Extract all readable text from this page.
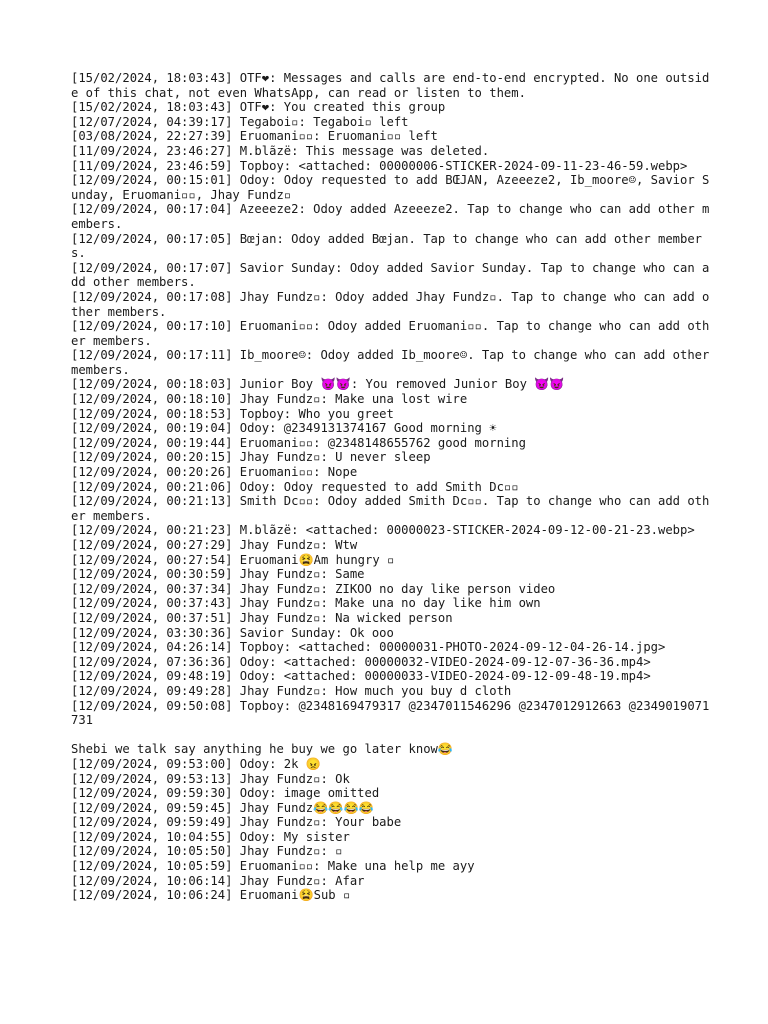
[15/02/2024, 18:03:43] OTF❤: Messages and calls are end-to-end encrypted. No one outside of this chat, not even WhatsApp, can read or listen to them.
[15/02/2024, 18:03:43] OTF❤: You created this group
[12/07/2024, 04:39:17] Tegaboi▫: Tegaboi▫ left
[03/08/2024, 22:27:39] Eruomani▫▫: Eruomani▫▫ left
[11/09/2024, 23:46:27] M.blãzë: This message was deleted.
[11/09/2024, 23:46:59] Topboy: <attached: 00000006-STICKER-2024-09-11-23-46-59.webp>
[12/09/2024, 00:15:01] Odoy: Odoy requested to add BŒJAN, Azeeeze2, Ib_moore☺, Savior Sunday, Eruomani▫▫, Jhay Fundz▫
[12/09/2024, 00:17:04] Azeeeze2: Odoy added Azeeeze2. Tap to change who can add other members.
[12/09/2024, 00:17:05] Bœjan: Odoy added Bœjan. Tap to change who can add other members.
[12/09/2024, 00:17:07] Savior Sunday: Odoy added Savior Sunday. Tap to change who can add other members.
[12/09/2024, 00:17:08] Jhay Fundz▫: Odoy added Jhay Fundz▫. Tap to change who can add other members.
[12/09/2024, 00:17:10] Eruomani▫▫: Odoy added Eruomani▫▫. Tap to change who can add other members.
[12/09/2024, 00:17:11] Ib_moore☺: Odoy added Ib_moore☺. Tap to change who can add other members.
[12/09/2024, 00:18:03] Junior Boy 😈😈: You removed Junior Boy 😈😈
[12/09/2024, 00:18:10] Jhay Fundz▫: Make una lost wire
[12/09/2024, 00:18:53] Topboy: Who you greet
[12/09/2024, 00:19:04] Odoy: @2349131374167 Good morning ☀
[12/09/2024, 00:19:44] Eruomani▫▫: @2348148655762 good morning
[12/09/2024, 00:20:15] Jhay Fundz▫: U never sleep
[12/09/2024, 00:20:26] Eruomani▫▫: Nope
[12/09/2024, 00:21:06] Odoy: Odoy requested to add Smith Dc▫▫
[12/09/2024, 00:21:13] Smith Dc▫▫: Odoy added Smith Dc▫▫. Tap to change who can add other members.
[12/09/2024, 00:21:23] M.blãzë: <attached: 00000023-STICKER-2024-09-12-00-21-23.webp>
[12/09/2024, 00:27:29] Jhay Fundz▫: Wtw
[12/09/2024, 00:27:54] Eruomani😫Am hungry ▫
[12/09/2024, 00:30:59] Jhay Fundz▫: Same
[12/09/2024, 00:37:34] Jhay Fundz▫: ZIKOO no day like person video
[12/09/2024, 00:37:43] Jhay Fundz▫: Make una no day like him own
[12/09/2024, 00:37:51] Jhay Fundz▫: Na wicked person
[12/09/2024, 03:30:36] Savior Sunday: Ok ooo
[12/09/2024, 04:26:14] Topboy: <attached: 00000031-PHOTO-2024-09-12-04-26-14.jpg>
[12/09/2024, 07:36:36] Odoy: <attached: 00000032-VIDEO-2024-09-12-07-36-36.mp4>
[12/09/2024, 09:48:19] Odoy: <attached: 00000033-VIDEO-2024-09-12-09-48-19.mp4>
[12/09/2024, 09:49:28] Jhay Fundz▫: How much you buy d cloth
[12/09/2024, 09:50:08] Topboy: @2348169479317 @2347011546296 @2347012912663 @2349019071731
Shebi we talk say anything he buy we go later know😂
[12/09/2024, 09:53:00] Odoy: 2k 😠
[12/09/2024, 09:53:13] Jhay Fundz▫: Ok
[12/09/2024, 09:59:30] Odoy: image omitted
[12/09/2024, 09:59:45] Jhay Fundz😂😂😂😂
[12/09/2024, 09:59:49] Jhay Fundz▫: Your babe
[12/09/2024, 10:04:55] Odoy: My sister
[12/09/2024, 10:05:50] Jhay Fundz▫: ▫
[12/09/2024, 10:05:59] Eruomani▫▫: Make una help me ayy
[12/09/2024, 10:06:14] Jhay Fundz▫: Afar
[12/09/2024, 10:06:24] Eruomani😫Sub ▫
